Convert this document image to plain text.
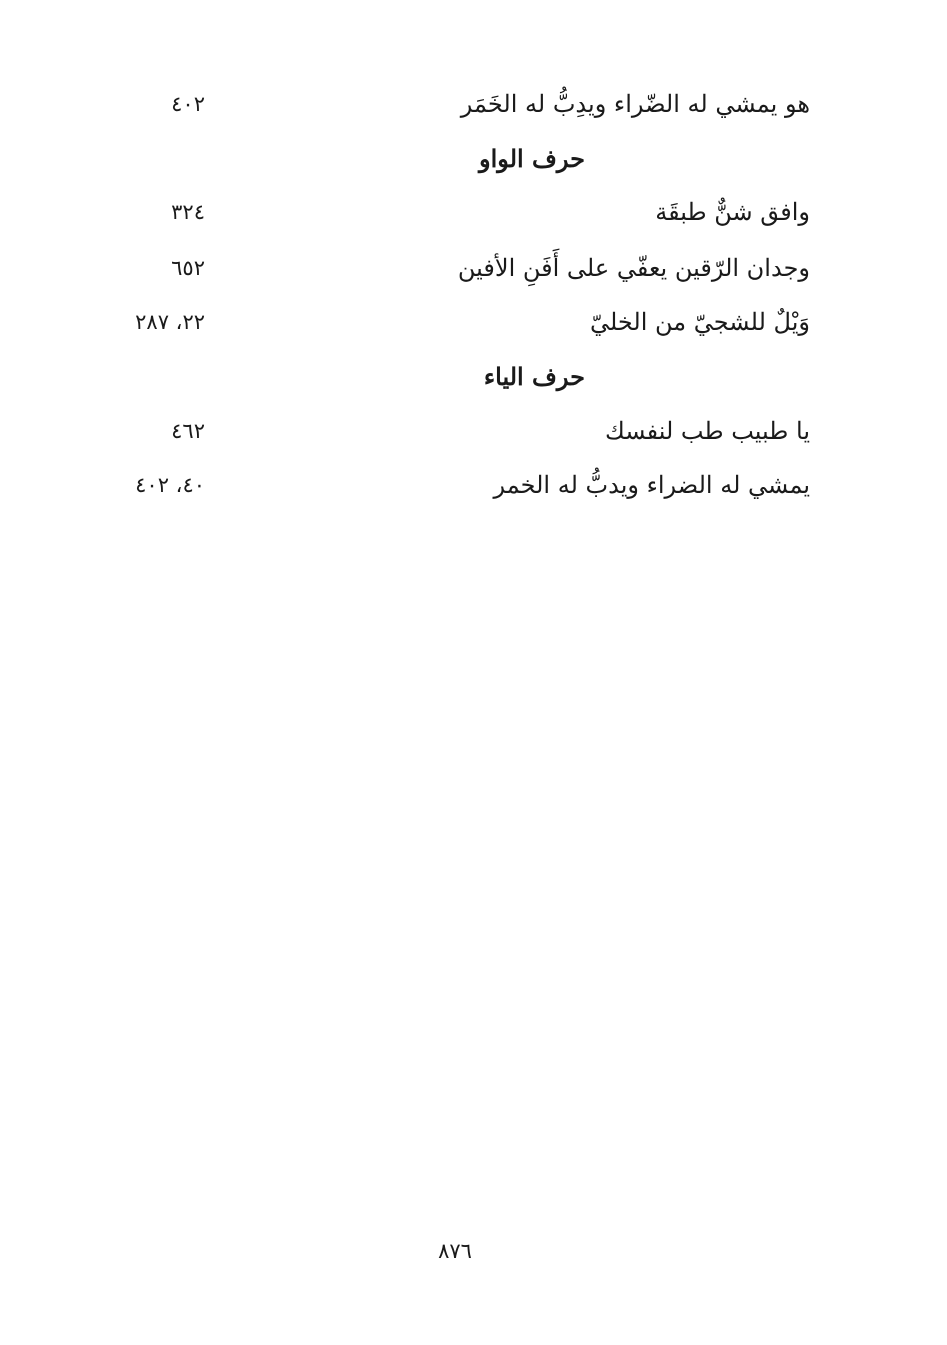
هو يمشي له الضّراء ويدِبُّ له الخَمَر
٤٠٢
حرف الواو
وافق شنٌّ طبقَة
٣٢٤
وجدان الرّقين يعفّي على أَفَنِ الأفين
٦٥٢
وَيْلٌ للشجيّ من الخليّ
٢٢، ٢٨٧
حرف الياء
يا طبيب طب لنفسك
٤٦٢
يمشي له الضراء ويدبُّ له الخمر
٤٠، ٤٠٢
٨٧٦
